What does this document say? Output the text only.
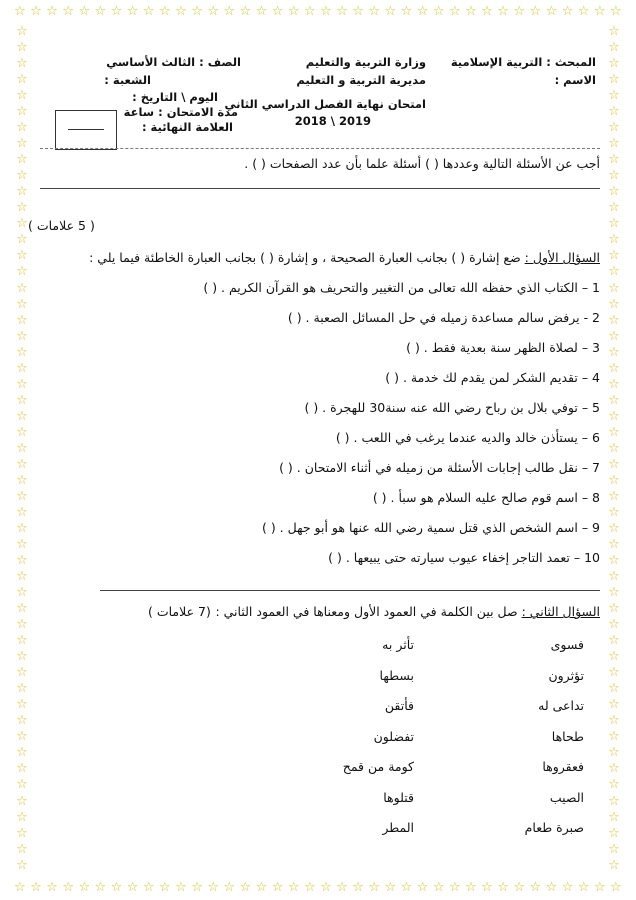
☆ ☆ ☆ ☆ ☆ ☆ ☆ ☆ ☆ ☆ ☆ ☆ ☆ ☆ ☆ ☆ ☆ ☆ ☆ ☆ ☆ ☆ ☆ ☆ ☆ ☆ ☆ ☆ ☆ ☆ ☆ ☆ ☆ ☆ ☆ ☆ ☆ ☆
☆ ☆ ☆ ☆ ☆ ☆ ☆ ☆ ☆ ☆ ☆ ☆ ☆ ☆ ☆ ☆ ☆ ☆ ☆ ☆ ☆ ☆ ☆ ☆ ☆ ☆ ☆ ☆ ☆ ☆ ☆ ☆ ☆ ☆ ☆ ☆ ☆ ☆
☆
☆
☆
☆
☆
☆
☆
☆
☆
☆
☆
☆
☆
☆
☆
☆
☆
☆
☆
☆
☆
☆
☆
☆
☆
☆
☆
☆
☆
☆
☆
☆
☆
☆
☆
☆
☆
☆
☆
☆
☆
☆
☆
☆
☆
☆
☆
☆
☆
☆
☆
☆
☆
☆
☆
☆
☆
☆
☆
☆
☆
☆
☆
☆
☆
☆
☆
☆
☆
☆
☆
☆
☆
☆
☆
☆
☆
☆
☆
☆
☆
☆
☆
☆
☆
☆
☆
☆
☆
☆
☆
☆
☆
☆
☆
☆
☆
☆
☆
☆
☆
☆
☆
☆
☆
☆
المبحث : التربية الإسلامية
الاسم :
وزارة التربية والتعليم
مديرية التربية و التعليم
امتحان نهاية الفصل الدراسي الثاني
2018 \ 2019
الصف : الثالث الأساسي
الشعبة :
اليوم \ التاريخ :
مدة الامتحان : ساعة
العلامة النهائية :
أجب عن الأسئلة التالية وعددها ( ) أسئلة علما بأن عدد الصفحات ( ) .
( 5 علامات )
السؤال الأول : ضع إشارة ( ) بجانب العبارة الصحيحة ، و إشارة ( ) بجانب العبارة الخاطئة فيما يلي :
1 – الكتاب الذي حفظه الله تعالى من التغيير والتحريف هو القرآن الكريم . ( )
2 - يرفض سالم مساعدة زميله في حل المسائل الصعبة . ( )
3 – لصلاة الظهر سنة بعدية فقط . ( )
4 – تقديم الشكر لمن يقدم لك خدمة . ( )
5 – توفي بلال بن رباح رضي الله عنه سنة30 للهجرة . ( )
6 – يستأذن خالد والديه عندما يرغب في اللعب . ( )
7 – نقل طالب إجابات الأسئلة من زميله في أثناء الامتحان . ( )
8 – اسم قوم صالح عليه السلام هو سبأ . ( )
9 – اسم الشخص الذي قتل سمية رضي الله عنها هو أبو جهل . ( )
10 – تعمد التاجر إخفاء عيوب سيارته حتى يبيعها . ( )
السؤال الثاني : صل بين الكلمة في العمود الأول ومعناها في العمود الثاني :
(7 علامات )
فسوى
تؤثرون
تداعى له
طحاها
فعقروها
الصيب
صبرة طعام
تأثر به
بسطها
فأتقن
تفضلون
كومة من قمح
قتلوها
المطر
